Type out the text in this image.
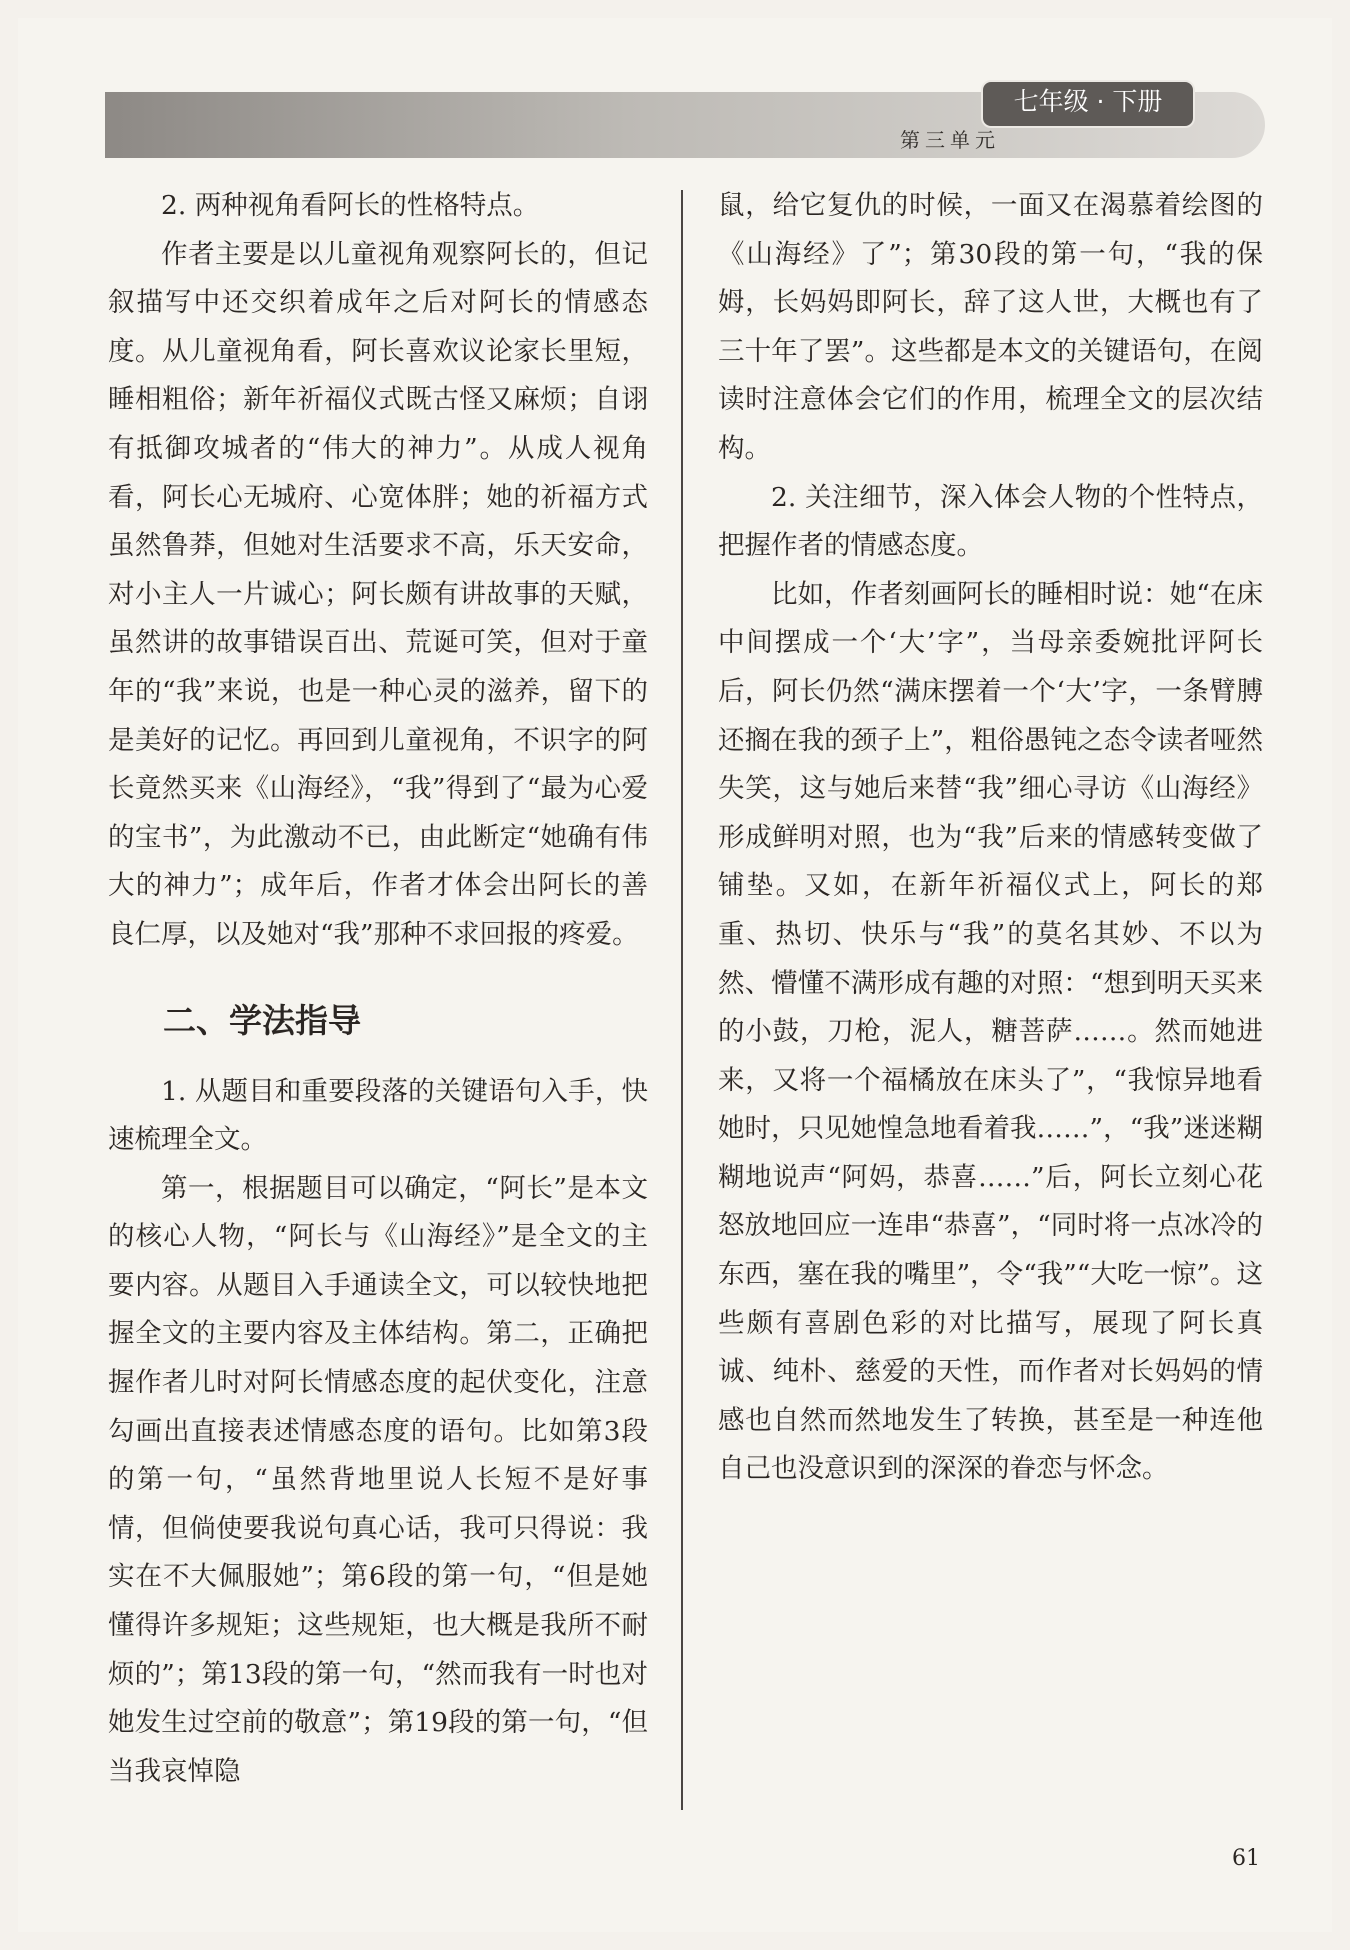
七年级 · 下册
第三单元

2. 两种视角看阿长的性格特点。

作者主要是以儿童视角观察阿长的，但记叙描写中还交织着成年之后对阿长的情感态度。从儿童视角看，阿长喜欢议论家长里短，睡相粗俗；新年祈福仪式既古怪又麻烦；自诩有抵御攻城者的“伟大的神力”。从成人视角看，阿长心无城府、心宽体胖；她的祈福方式虽然鲁莽，但她对生活要求不高，乐天安命，对小主人一片诚心；阿长颇有讲故事的天赋，虽然讲的故事错误百出、荒诞可笑，但对于童年的“我”来说，也是一种心灵的滋养，留下的是美好的记忆。再回到儿童视角，不识字的阿长竟然买来《山海经》，“我”得到了“最为心爱的宝书”，为此激动不已，由此断定“她确有伟大的神力”；成年后，作者才体会出阿长的善良仁厚，以及她对“我”那种不求回报的疼爱。

二、学法指导

1. 从题目和重要段落的关键语句入手，快速梳理全文。

第一，根据题目可以确定，“阿长”是本文的核心人物，“阿长与《山海经》”是全文的主要内容。从题目入手通读全文，可以较快地把握全文的主要内容及主体结构。第二，正确把握作者儿时对阿长情感态度的起伏变化，注意勾画出直接表述情感态度的语句。比如第3段的第一句，“虽然背地里说人长短不是好事情，但倘使要我说句真心话，我可只得说：我实在不大佩服她”；第6段的第一句，“但是她懂得许多规矩；这些规矩，也大概是我所不耐烦的”；第13段的第一句，“然而我有一时也对她发生过空前的敬意”；第19段的第一句，“但当我哀悼隐

鼠，给它复仇的时候，一面又在渴慕着绘图的《山海经》了”；第30段的第一句，“我的保姆，长妈妈即阿长，辞了这人世，大概也有了三十年了罢”。这些都是本文的关键语句，在阅读时注意体会它们的作用，梳理全文的层次结构。

2. 关注细节，深入体会人物的个性特点，把握作者的情感态度。

比如，作者刻画阿长的睡相时说：她“在床中间摆成一个‘大’字”，当母亲委婉批评阿长后，阿长仍然“满床摆着一个‘大’字，一条臂膊还搁在我的颈子上”，粗俗愚钝之态令读者哑然失笑，这与她后来替“我”细心寻访《山海经》形成鲜明对照，也为“我”后来的情感转变做了铺垫。又如，在新年祈福仪式上，阿长的郑重、热切、快乐与“我”的莫名其妙、不以为然、懵懂不满形成有趣的对照：“想到明天买来的小鼓，刀枪，泥人，糖菩萨……。然而她进来，又将一个福橘放在床头了”，“我惊异地看她时，只见她惶急地看着我……”，“我”迷迷糊糊地说声“阿妈，恭喜……”后，阿长立刻心花怒放地回应一连串“恭喜”，“同时将一点冰冷的东西，塞在我的嘴里”，令“我”“大吃一惊”。这些颇有喜剧色彩的对比描写，展现了阿长真诚、纯朴、慈爱的天性，而作者对长妈妈的情感也自然而然地发生了转换，甚至是一种连他自己也没意识到的深深的眷恋与怀念。

61
